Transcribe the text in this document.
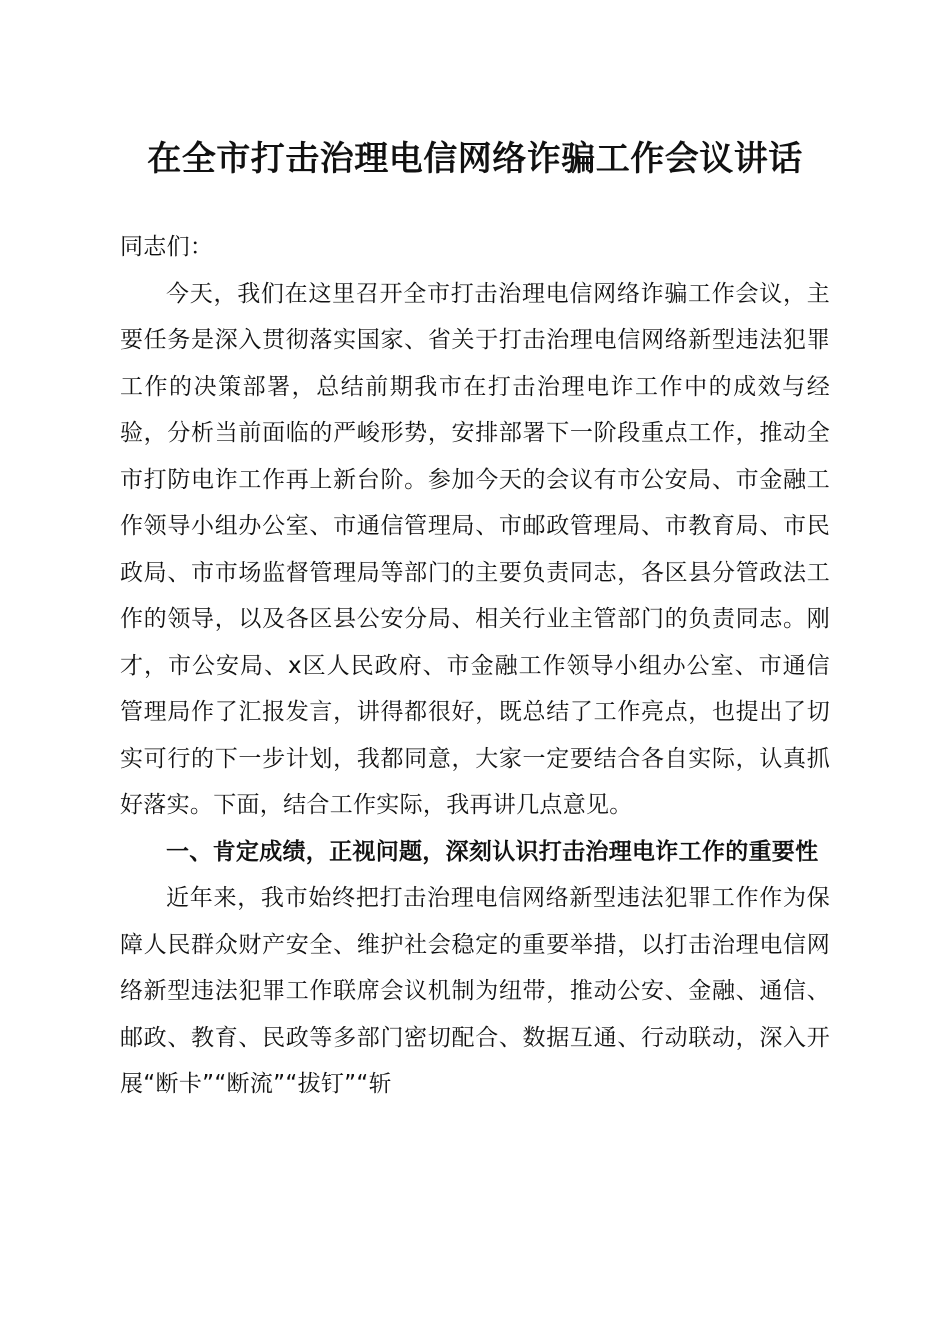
在全市打击治理电信网络诈骗工作会议讲话

同志们：

今天，我们在这里召开全市打击治理电信网络诈骗工作会议，主要任务是深入贯彻落实国家、省关于打击治理电信网络新型违法犯罪工作的决策部署，总结前期我市在打击治理电诈工作中的成效与经验，分析当前面临的严峻形势，安排部署下一阶段重点工作，推动全市打防电诈工作再上新台阶。参加今天的会议有市公安局、市金融工作领导小组办公室、市通信管理局、市邮政管理局、市教育局、市民政局、市市场监督管理局等部门的主要负责同志，各区县分管政法工作的领导，以及各区县公安分局、相关行业主管部门的负责同志。刚才，市公安局、x区人民政府、市金融工作领导小组办公室、市通信管理局作了汇报发言，讲得都很好，既总结了工作亮点，也提出了切实可行的下一步计划，我都同意，大家一定要结合各自实际，认真抓好落实。下面，结合工作实际，我再讲几点意见。

一、肯定成绩，正视问题，深刻认识打击治理电诈工作的重要性

近年来，我市始终把打击治理电信网络新型违法犯罪工作作为保障人民群众财产安全、维护社会稳定的重要举措，以打击治理电信网络新型违法犯罪工作联席会议机制为纽带，推动公安、金融、通信、邮政、教育、民政等多部门密切配合、数据互通、行动联动，深入开展“断卡”“断流”“拔钉”“斩
